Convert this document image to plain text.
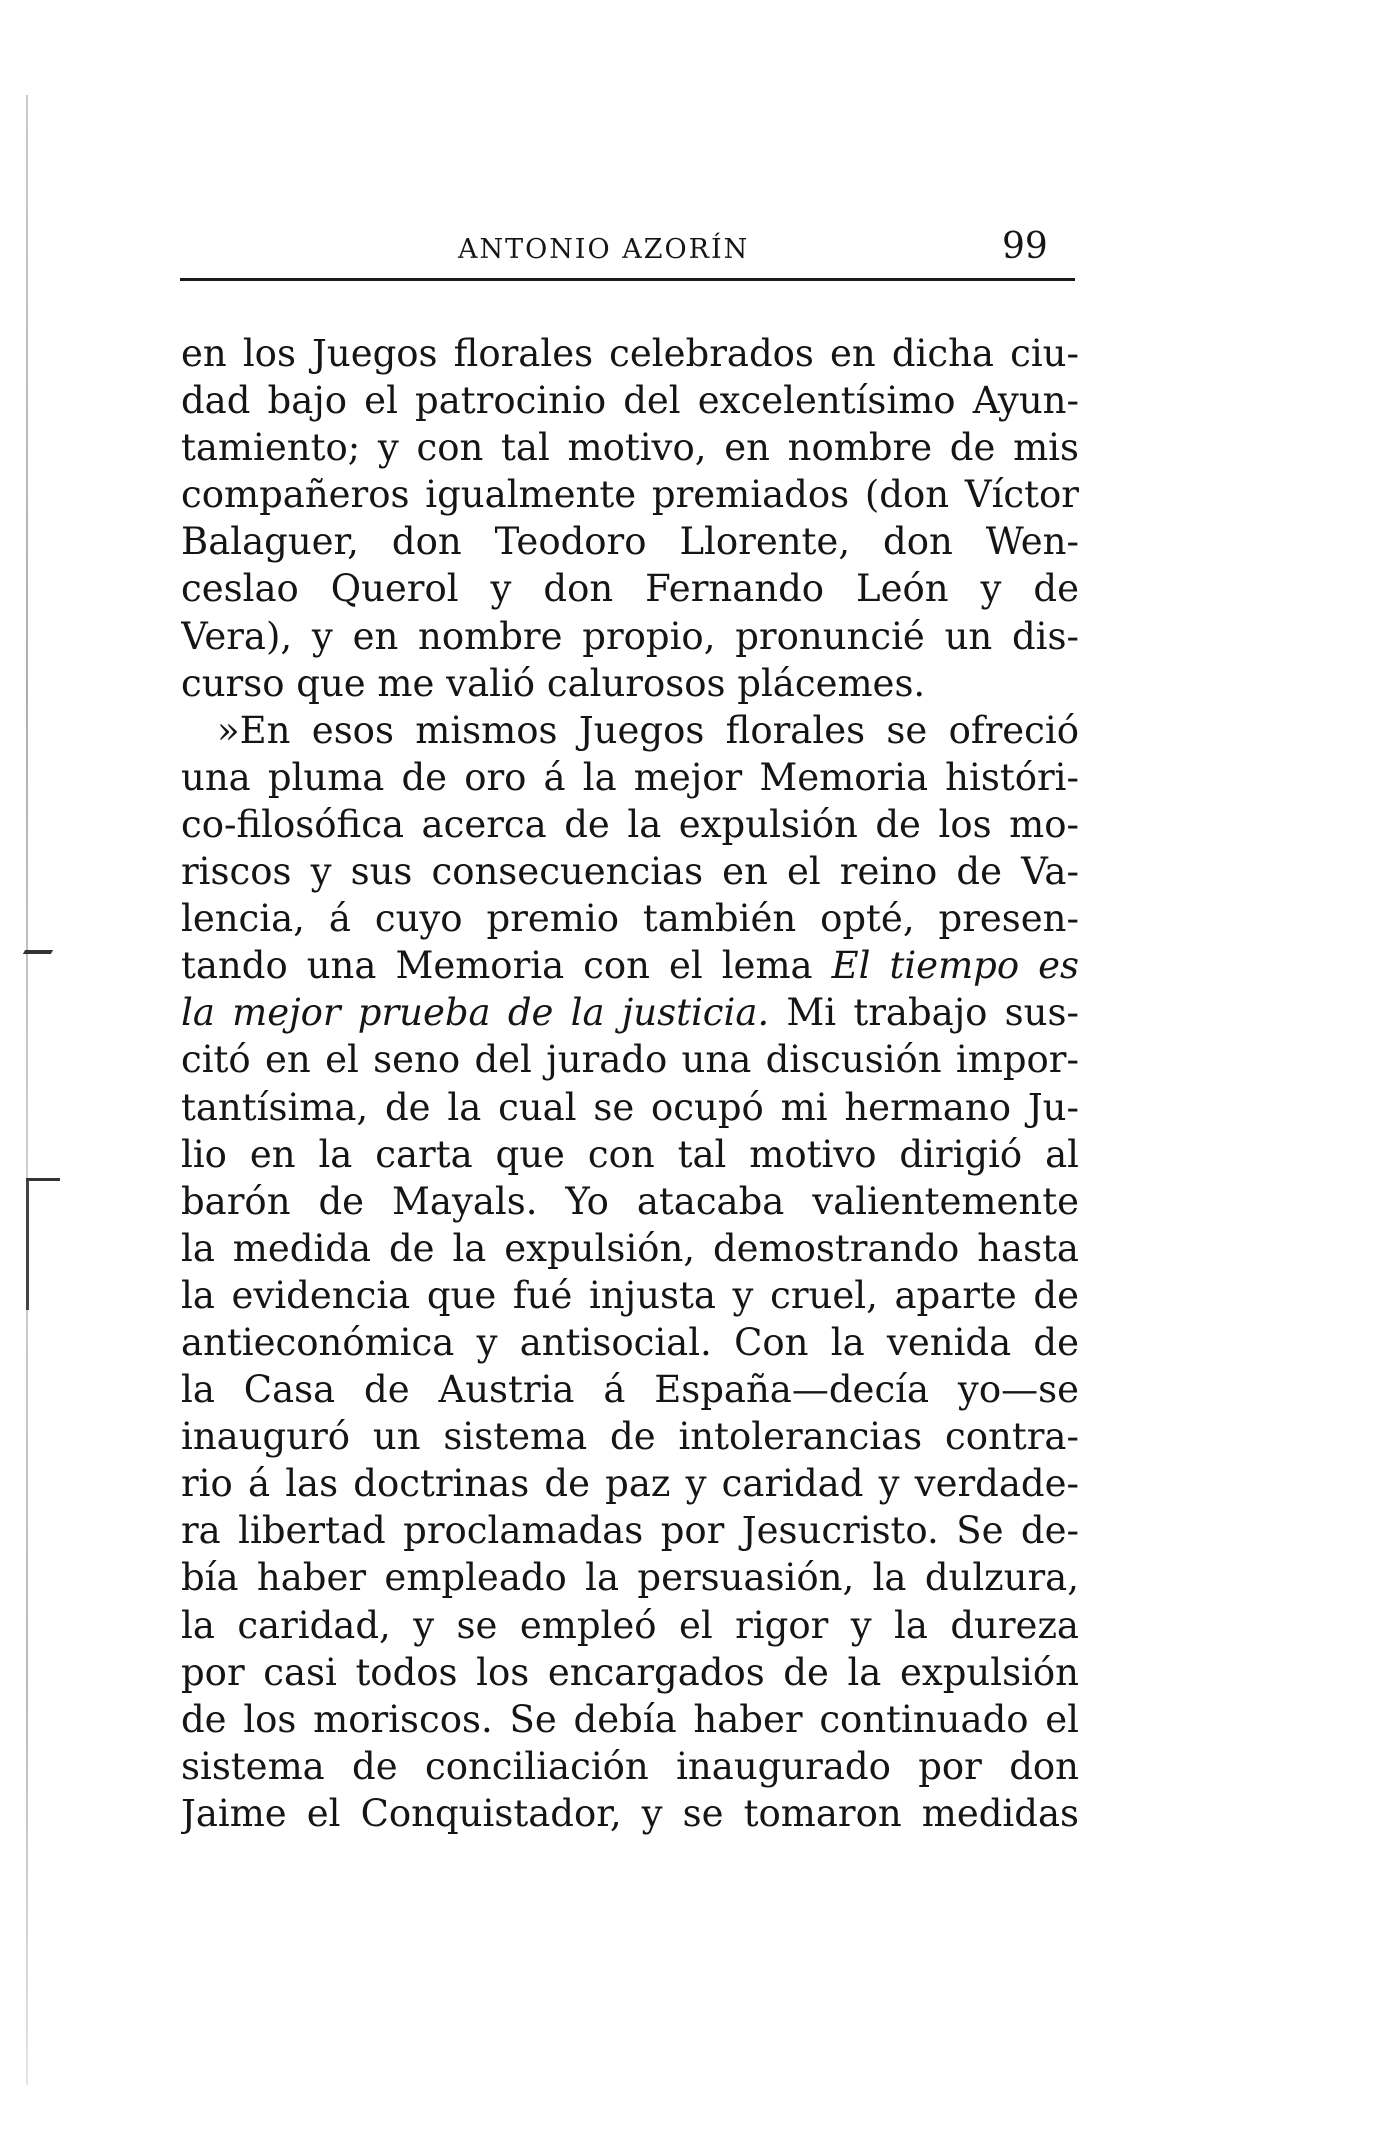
ANTONIO AZORÍN	99
en los Juegos florales celebrados en dicha ciu-
dad bajo el patrocinio del excelentísimo Ayun-
tamiento; y con tal motivo, en nombre de mis
compañeros igualmente premiados (don Víctor
Balaguer, don Teodoro Llorente, don Wen-
ceslao Querol y don Fernando León y de
Vera), y en nombre propio, pronuncié un dis-
curso que me valió calurosos plácemes.
»En esos mismos Juegos florales se ofreció
una pluma de oro á la mejor Memoria históri-
co-filosófica acerca de la expulsión de los mo-
riscos y sus consecuencias en el reino de Va-
lencia, á cuyo premio también opté, presen-
tando una Memoria con el lema El tiempo es
la mejor prueba de la justicia. Mi trabajo sus-
citó en el seno del jurado una discusión impor-
tantísima, de la cual se ocupó mi hermano Ju-
lio en la carta que con tal motivo dirigió al
barón de Mayals. Yo atacaba valientemente
la medida de la expulsión, demostrando hasta
la evidencia que fué injusta y cruel, aparte de
antieconómica y antisocial. Con la venida de
la Casa de Austria á España—decía yo—se
inauguró un sistema de intolerancias contra-
rio á las doctrinas de paz y caridad y verdade-
ra libertad proclamadas por Jesucristo. Se de-
bía haber empleado la persuasión, la dulzura,
la caridad, y se empleó el rigor y la dureza
por casi todos los encargados de la expulsión
de los moriscos. Se debía haber continuado el
sistema de conciliación inaugurado por don
Jaime el Conquistador, y se tomaron medidas
